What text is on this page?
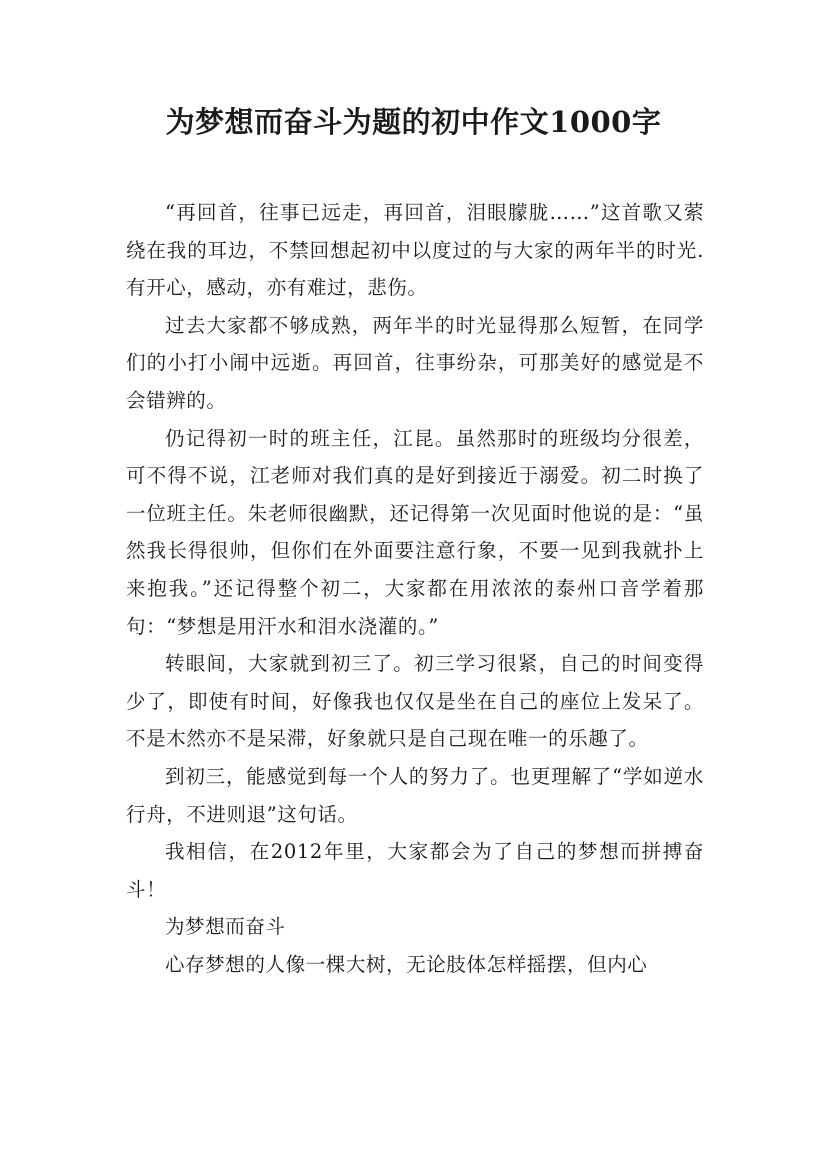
为梦想而奋斗为题的初中作文1000字

“再回首，往事已远走，再回首，泪眼朦胧……”这首歌又萦绕在我的耳边，不禁回想起初中以度过的与大家的两年半的时光.有开心，感动，亦有难过，悲伤。

过去大家都不够成熟，两年半的时光显得那么短暂，在同学们的小打小闹中远逝。再回首，往事纷杂，可那美好的感觉是不会错辨的。

仍记得初一时的班主任，江昆。虽然那时的班级均分很差，可不得不说，江老师对我们真的是好到接近于溺爱。初二时换了一位班主任。朱老师很幽默，还记得第一次见面时他说的是：“虽然我长得很帅，但你们在外面要注意行象，不要一见到我就扑上来抱我。”还记得整个初二，大家都在用浓浓的泰州口音学着那句：“梦想是用汗水和泪水浇灌的。”

转眼间，大家就到初三了。初三学习很紧，自己的时间变得少了，即使有时间，好像我也仅仅是坐在自己的座位上发呆了。不是木然亦不是呆滞，好象就只是自己现在唯一的乐趣了。

到初三，能感觉到每一个人的努力了。也更理解了“学如逆水行舟，不进则退”这句话。

我相信，在2012年里，大家都会为了自己的梦想而拼搏奋斗！

为梦想而奋斗

心存梦想的人像一棵大树，无论肢体怎样摇摆，但内心
